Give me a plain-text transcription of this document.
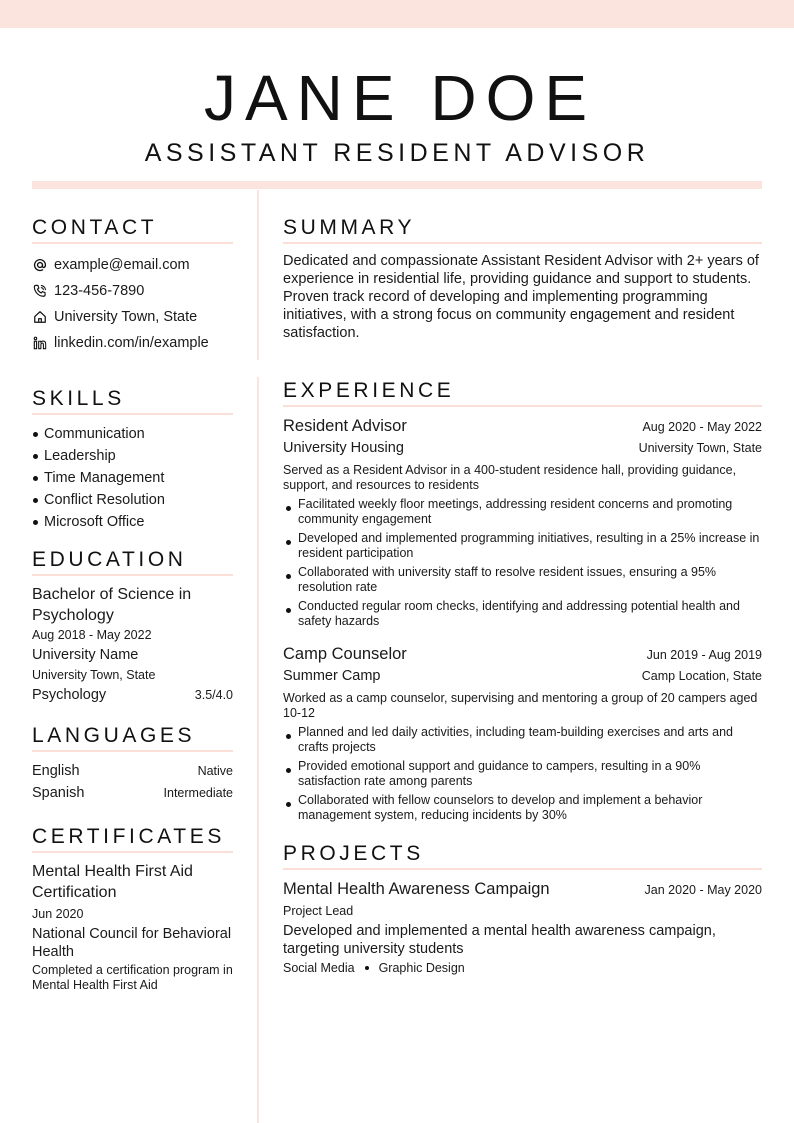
JANE DOE
ASSISTANT RESIDENT ADVISOR
CONTACT
example@email.com
123-456-7890
University Town, State
linkedin.com/in/example
SKILLS
Communication
Leadership
Time Management
Conflict Resolution
Microsoft Office
EDUCATION
Bachelor of Science in Psychology
Aug 2018 - May 2022
University Name
University Town, State
Psychology	3.5/4.0
LANGUAGES
English	Native
Spanish	Intermediate
CERTIFICATES
Mental Health First Aid Certification
Jun 2020
National Council for Behavioral Health
Completed a certification program in Mental Health First Aid
SUMMARY
Dedicated and compassionate Assistant Resident Advisor with 2+ years of experience in residential life, providing guidance and support to students. Proven track record of developing and implementing programming initiatives, with a strong focus on community engagement and resident satisfaction.
EXPERIENCE
Resident Advisor	Aug 2020 - May 2022
University Housing	University Town, State
Served as a Resident Advisor in a 400-student residence hall, providing guidance, support, and resources to residents
Facilitated weekly floor meetings, addressing resident concerns and promoting community engagement
Developed and implemented programming initiatives, resulting in a 25% increase in resident participation
Collaborated with university staff to resolve resident issues, ensuring a 95% resolution rate
Conducted regular room checks, identifying and addressing potential health and safety hazards
Camp Counselor	Jun 2019 - Aug 2019
Summer Camp	Camp Location, State
Worked as a camp counselor, supervising and mentoring a group of 20 campers aged 10-12
Planned and led daily activities, including team-building exercises and arts and crafts projects
Provided emotional support and guidance to campers, resulting in a 90% satisfaction rate among parents
Collaborated with fellow counselors to develop and implement a behavior management system, reducing incidents by 30%
PROJECTS
Mental Health Awareness Campaign	Jan 2020 - May 2020
Project Lead
Developed and implemented a mental health awareness campaign, targeting university students
Social Media Graphic Design
